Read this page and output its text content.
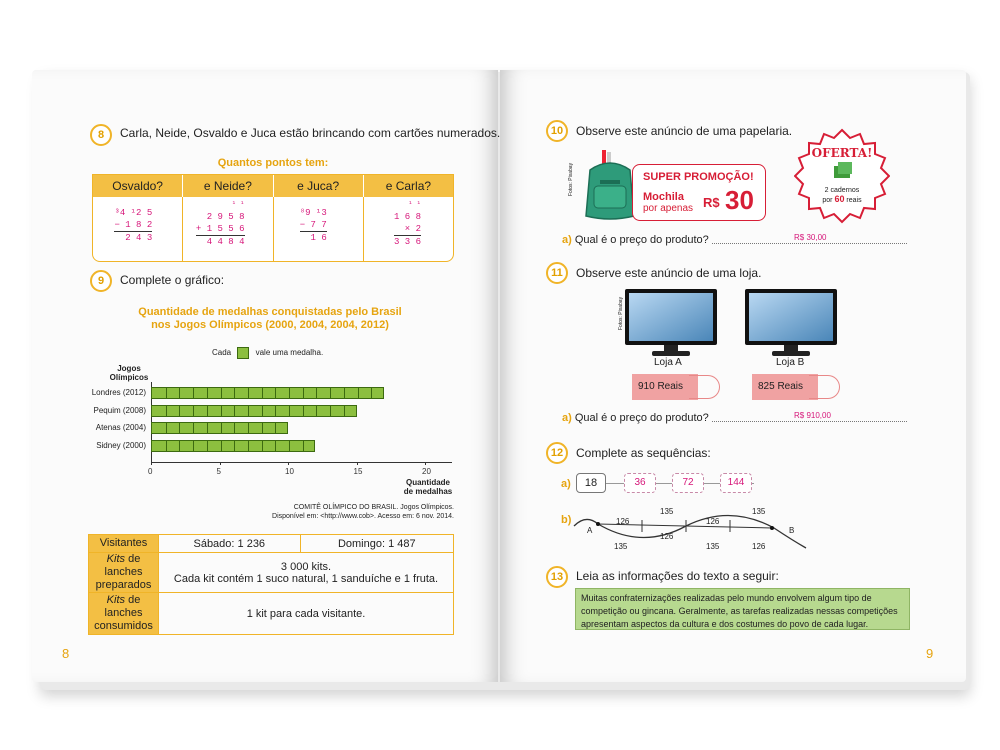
8	Carla, Neide, Osvaldo e Juca estão brincando com cartões numerados.
Quantos pontos tem:
Osvaldo?	e Neide?	e Juca?	e Carla?
³4 ¹2 5
− 1 8 2
2 4 3
¹ ¹
2 9 5 8
+ 1 5 5 6
4 4 8 4
⁸9 ¹3
− 7 7
1 6
¹ ¹
1 6 8
× 2
3 3 6
9	Complete o gráfico:
Quantidade de medalhas conquistadas pelo Brasil
nos Jogos Olímpicos (2000, 2004, 2004, 2012)
Cada	vale uma medalha.
Jogos
Olímpicos
Londres (2012)
Pequim (2008)
Atenas (2004)
Sidney (2000)
0	5	10	15	20
Quantidade
de medalhas
COMITÊ OLÍMPICO DO BRASIL. Jogos Olímpicos.
Disponível em: <http://www.cob>. Acesso em: 6 nov. 2014.
Visitantes	Sábado: 1 236	Domingo: 1 487
Kits de lanches preparados	3 000 kits.
Cada kit contém 1 suco natural, 1 sanduíche e 1 fruta.	

Kits de lanches consumidos	1 kit para cada visitante.	
8
10	Observe este anúncio de uma papelaria.
Fotos: Pixabay	SUPER PROMOÇÃO!
Mochila
por apenas R$ 30
OFERTA!
2 cadernos
por 60 reais
a) Qual é o preço do produto?	R$ 30,00
11	Observe este anúncio de uma loja.
Fotos: Pixabay
Loja A	Loja B
910 Reais	825 Reais
a) Qual é o preço do produto?	R$ 910,00
12	Complete as sequências:
a)	18	36	72	144
b)
A	B
126
135
126
135
135
126
135	126
13	Leia as informações do texto a seguir:
Muitas confraternizações realizadas pelo mundo envolvem algum tipo de competição ou gincana. Geralmente, as tarefas realizadas nessas competições apresentam aspectos da cultura e dos costumes do povo de cada lugar.
9
